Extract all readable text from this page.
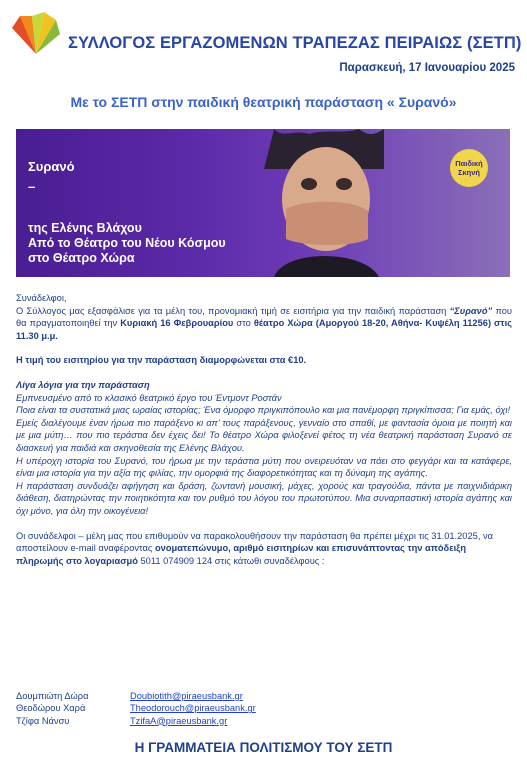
ΣΥΛΛΟΓΟΣ ΕΡΓΑΖΟΜΕΝΩΝ ΤΡΑΠΕΖΑΣ ΠΕΙΡΑΙΩΣ (ΣΕΤΠ)
Παρασκευή, 17 Ιανουαρίου 2025
Με το ΣΕΤΠ στην παιδική θεατρική παράσταση « Συρανό»
Συρανό
–
της Ελένης Βλάχου
Από το Θέατρο του Νέου Κόσμου
στο Θέατρο Χώρα
Παιδική
Σκηνή

Συνάδελφοι,

Ο Σύλλογος μας εξασφάλισε για τα μέλη του, προνομιακή τιμή σε εισιτήρια για την παιδική παράσταση “Συρανό” που θα πραγματοποιηθεί την Κυριακή 16 Φεβρουαρίου στο θέατρο Χώρα (Αμοργού 18-20, Αθήνα- Κυψέλη 11256) στις 11.30 μ.μ.

Η τιμή του εισιτηρίου για την παράσταση διαμορφώνεται στα €10.

Λίγα λόγια για την παράσταση

Εμπνευσμένο από το κλασικό θεατρικό έργο του Έντμοντ Ροστάν

Ποια είναι τα συστατικά μιας ωραίας ιστορίας; Ένα όμορφο πριγκιπόπουλο και μια πανέμορφη πριγκίπισσα; Για εμάς, όχι!

Εμείς διαλέγουμε έναν ήρωα πιο παράξενο κι απ’ τους παράξενους, γενναίο στο σπαθί, με φαντασία όμοια με ποιητή και με μια μύτη… που πιο τεράστια δεν έχεις δει! Το θέατρο Χώρα φιλοξενεί φέτος τη νέα θεατρική παράσταση Συρανό σε διασκευή για παιδιά και σκηνοθεσία της Ελένης Βλάχου.

Η υπέροχη ιστορία του Συρανό, του ήρωα με την τεράστια μύτη που ονειρευόταν να πάει στο φεγγάρι και τα κατάφερε, είναι μια ιστορία για την αξία της φιλίας, την ομορφιά της διαφορετικότητας και τη δύναμη της αγάπης.

Η παράσταση συνδυάζει αφήγηση και δράση, ζωντανή μουσική, μάχες, χορούς και τραγούδια, πάντα με παιχνιδιάρικη διάθεση, διατηρώντας την ποιητικότητα και τον ρυθμό του λόγου του πρωτοτύπου. Μια συναρπαστική ιστορία αγάπης και όχι μόνο, για όλη την οικογένεια!

Οι συνάδελφοι – μέλη μας που επιθυμούν να παρακολουθήσουν την παράσταση θα πρέπει μέχρι τις 31.01.2025, να αποστείλουν e-mail αναφέροντας ονοματεπώνυμο, αριθμό εισιτηρίων και επισυνάπτοντας την απόδειξη πληρωμής στο λογαριασμό 5011 074909 124 στις κάτωθι συναδέλφους :

Δουμπιώτη Δώρα	Doubiotith@piraeusbank.gr
Θεοδώρου Χαρά	Theodorouch@piraeusbank.gr
Τζίφα Νάνσυ	TzifaA@piraeusbank.gr
Η ΓΡΑΜΜΑΤΕΙΑ ΠΟΛΙΤΙΣΜΟΥ ΤΟΥ ΣΕΤΠ
